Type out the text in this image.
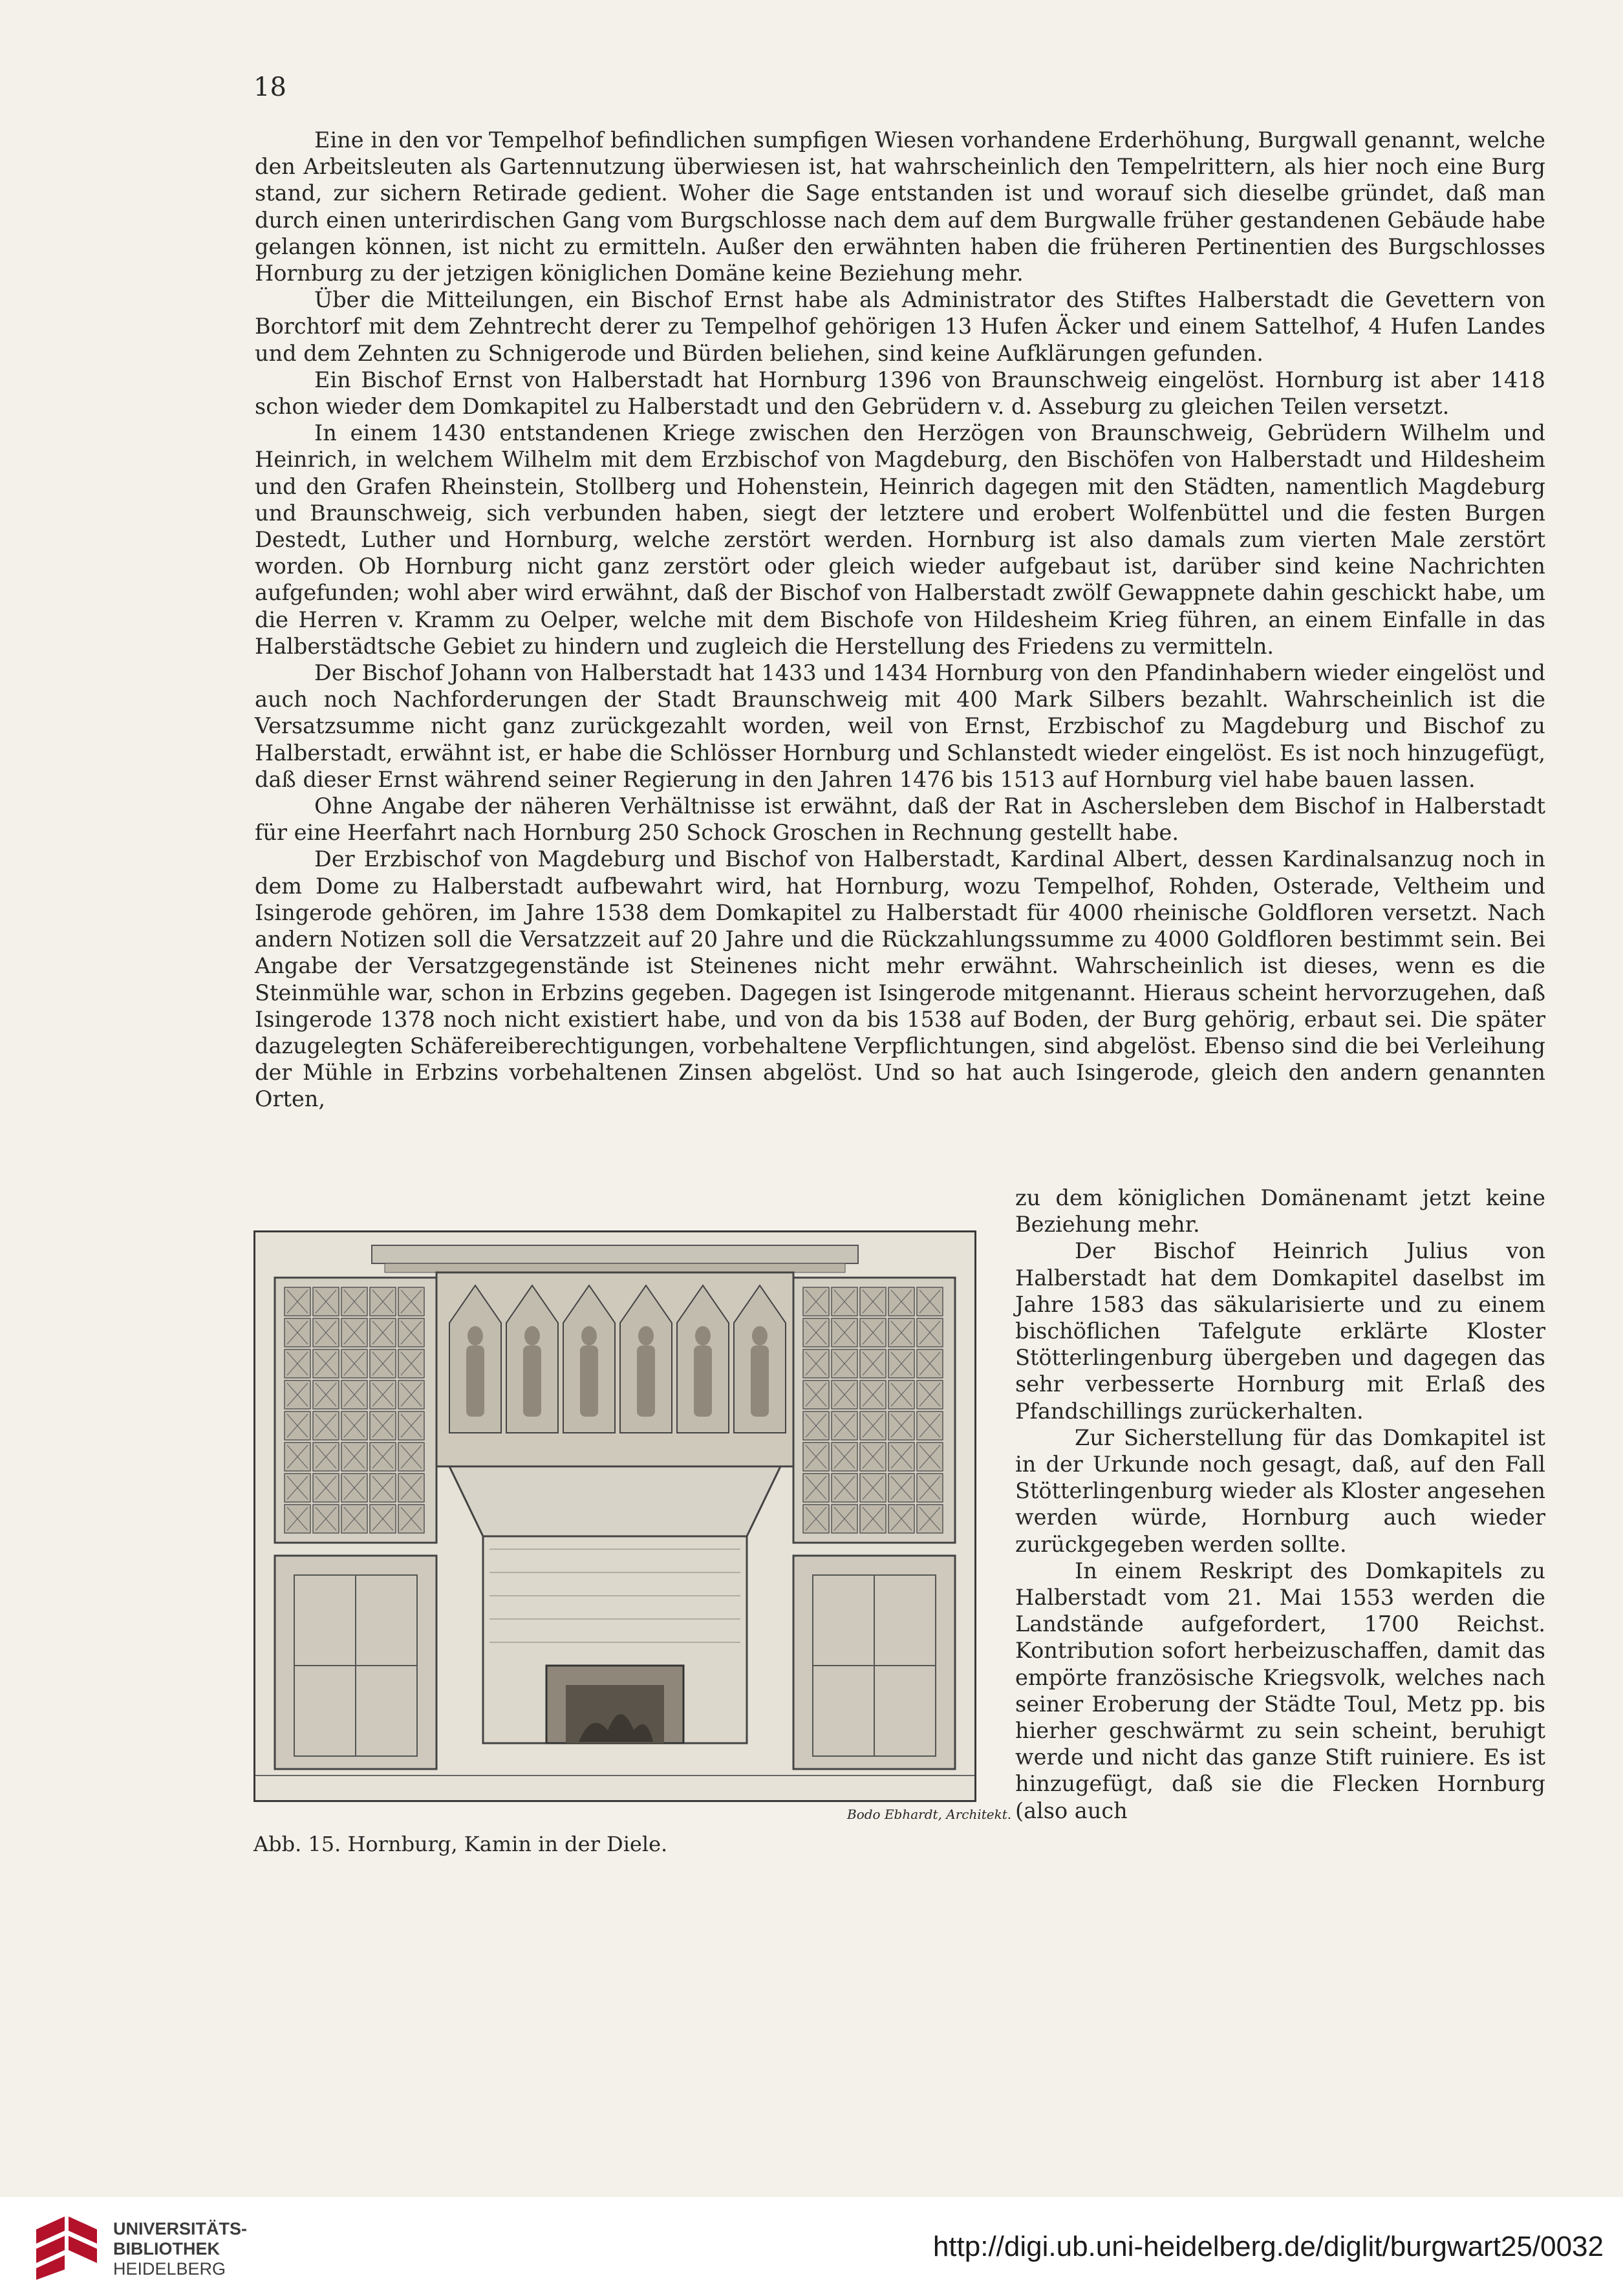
18

Eine in den vor Tempelhof befindlichen sumpfigen Wiesen vorhandene Erderhöhung, Burgwall genannt, welche den Arbeitsleuten als Gartennutzung überwiesen ist, hat wahrscheinlich den Tempelrittern, als hier noch eine Burg stand, zur sichern Retirade gedient. Woher die Sage entstanden ist und worauf sich dieselbe gründet, daß man durch einen unterirdischen Gang vom Burgschlosse nach dem auf dem Burgwalle früher gestandenen Gebäude habe gelangen können, ist nicht zu ermitteln. Außer den erwähnten haben die früheren Pertinentien des Burgschlosses Hornburg zu der jetzigen königlichen Domäne keine Beziehung mehr.

Über die Mitteilungen, ein Bischof Ernst habe als Administrator des Stiftes Halberstadt die Gevettern von Borchtorf mit dem Zehntrecht derer zu Tempelhof gehörigen 13 Hufen Äcker und einem Sattelhof, 4 Hufen Landes und dem Zehnten zu Schnigerode und Bürden beliehen, sind keine Aufklärungen gefunden.

Ein Bischof Ernst von Halberstadt hat Hornburg 1396 von Braunschweig eingelöst. Hornburg ist aber 1418 schon wieder dem Domkapitel zu Halberstadt und den Gebrüdern v. d. Asseburg zu gleichen Teilen versetzt.

In einem 1430 entstandenen Kriege zwischen den Herzögen von Braunschweig, Gebrüdern Wilhelm und Heinrich, in welchem Wilhelm mit dem Erzbischof von Magdeburg, den Bischöfen von Halberstadt und Hildesheim und den Grafen Rheinstein, Stollberg und Hohenstein, Heinrich dagegen mit den Städten, namentlich Magdeburg und Braunschweig, sich verbunden haben, siegt der letztere und erobert Wolfenbüttel und die festen Burgen Destedt, Luther und Hornburg, welche zerstört werden. Hornburg ist also damals zum vierten Male zerstört worden. Ob Hornburg nicht ganz zerstört oder gleich wieder aufgebaut ist, darüber sind keine Nachrichten aufgefunden; wohl aber wird erwähnt, daß der Bischof von Halberstadt zwölf Gewappnete dahin geschickt habe, um die Herren v. Kramm zu Oelper, welche mit dem Bischofe von Hildesheim Krieg führen, an einem Einfalle in das Halberstädtsche Gebiet zu hindern und zugleich die Herstellung des Friedens zu vermitteln.

Der Bischof Johann von Halberstadt hat 1433 und 1434 Hornburg von den Pfandinhabern wieder eingelöst und auch noch Nachforderungen der Stadt Braunschweig mit 400 Mark Silbers bezahlt. Wahrscheinlich ist die Versatzsumme nicht ganz zurückgezahlt worden, weil von Ernst, Erzbischof zu Magdeburg und Bischof zu Halberstadt, erwähnt ist, er habe die Schlösser Hornburg und Schlanstedt wieder eingelöst. Es ist noch hinzugefügt, daß dieser Ernst während seiner Regierung in den Jahren 1476 bis 1513 auf Hornburg viel habe bauen lassen.

Ohne Angabe der näheren Verhältnisse ist erwähnt, daß der Rat in Aschersleben dem Bischof in Halberstadt für eine Heerfahrt nach Hornburg 250 Schock Groschen in Rechnung gestellt habe.

Der Erzbischof von Magdeburg und Bischof von Halberstadt, Kardinal Albert, dessen Kardinalsanzug noch in dem Dome zu Halberstadt aufbewahrt wird, hat Hornburg, wozu Tempelhof, Rohden, Osterade, Veltheim und Isingerode gehören, im Jahre 1538 dem Domkapitel zu Halberstadt für 4000 rheinische Goldfloren versetzt. Nach andern Notizen soll die Versatzzeit auf 20 Jahre und die Rückzahlungssumme zu 4000 Goldfloren bestimmt sein. Bei Angabe der Versatzgegenstände ist Steinenes nicht mehr erwähnt. Wahrscheinlich ist dieses, wenn es die Steinmühle war, schon in Erbzins gegeben. Dagegen ist Isingerode mitgenannt. Hieraus scheint hervorzugehen, daß Isingerode 1378 noch nicht existiert habe, und von da bis 1538 auf Boden, der Burg gehörig, erbaut sei. Die später dazugelegten Schäfereiberechtigungen, vorbehaltene Verpflichtungen, sind abgelöst. Ebenso sind die bei Verleihung der Mühle in Erbzins vorbehaltenen Zinsen abgelöst. Und so hat auch Isingerode, gleich den andern genannten Orten,

Bodo Ebhardt, Architekt.
Abb. 15. Hornburg, Kamin in der Diele.

zu dem königlichen Domänenamt jetzt keine Beziehung mehr.

Der Bischof Heinrich Julius von Halberstadt hat dem Domkapitel daselbst im Jahre 1583 das säkularisierte und zu einem bischöflichen Tafelgute erklärte Kloster Stötterlingenburg übergeben und dagegen das sehr verbesserte Hornburg mit Erlaß des Pfandschillings zurückerhalten.

Zur Sicherstellung für das Domkapitel ist in der Urkunde noch gesagt, daß, auf den Fall Stötterlingenburg wieder als Kloster angesehen werden würde, Hornburg auch wieder zurückgegeben werden sollte.

In einem Reskript des Domkapitels zu Halberstadt vom 21. Mai 1553 werden die Landstände aufgefordert, 1700 Reichst. Kontribution sofort herbeizuschaffen, damit das empörte französische Kriegsvolk, welches nach seiner Eroberung der Städte Toul, Metz pp. bis hierher geschwärmt zu sein scheint, beruhigt werde und nicht das ganze Stift ruiniere. Es ist hinzugefügt, daß sie die Flecken Hornburg (also auch

UNIVERSITÄTS-
BIBLIOTHEK
HEIDELBERG
http://digi.ub.uni-heidelberg.de/diglit/burgwart25/0032
